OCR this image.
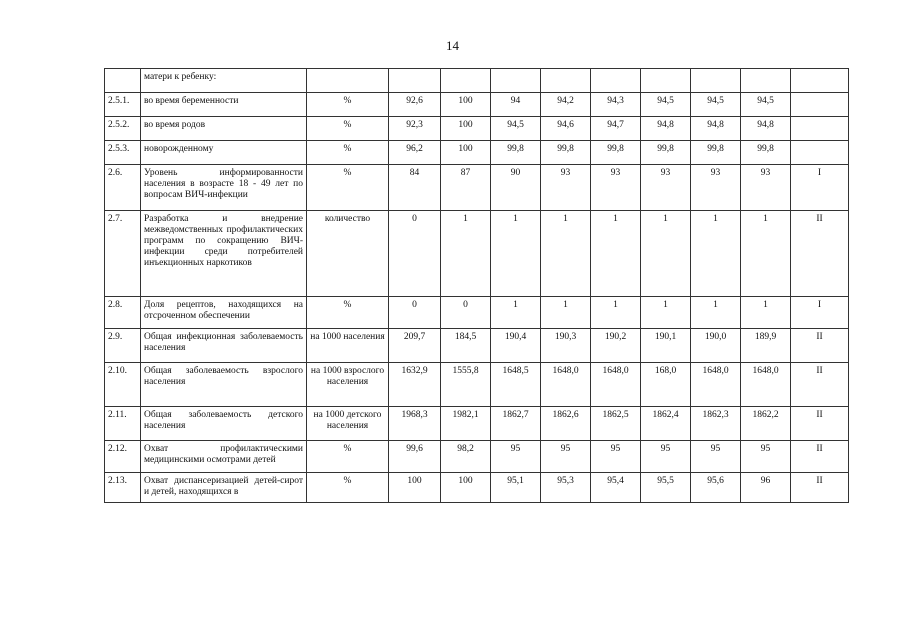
14
	матери к ребенку:										
2.5.1.	во время беременности	%	92,6	100	94	94,2	94,3	94,5	94,5	94,5	
2.5.2.	во время родов	%	92,3	100	94,5	94,6	94,7	94,8	94,8	94,8	
2.5.3.	новорожденному	%	96,2	100	99,8	99,8	99,8	99,8	99,8	99,8	
2.6.	Уровень информированности населения в возрасте 18 - 49 лет по вопросам ВИЧ-инфекции	%	84	87	90	93	93	93	93	93	I
2.7.	Разработка и внедрение межведомственных профилактических программ по сокращению ВИЧ-инфекции среди потребителей инъекционных наркотиков	количество	0	1	1	1	1	1	1	1	II
2.8.	Доля рецептов, находящихся на отсроченном обеспечении	%	0	0	1	1	1	1	1	1	I
2.9.	Общая инфекционная заболеваемость населения	на 1000 населения	209,7	184,5	190,4	190,3	190,2	190,1	190,0	189,9	II
2.10.	Общая заболеваемость взрослого населения	на 1000 взрослого населения	1632,9	1555,8	1648,5	1648,0	1648,0	168,0	1648,0	1648,0	II
2.11.	Общая заболеваемость детского населения	на 1000 детского населения	1968,3	1982,1	1862,7	1862,6	1862,5	1862,4	1862,3	1862,2	II
2.12.	Охват профилактическими медицинскими осмотрами детей	%	99,6	98,2	95	95	95	95	95	95	II
2.13.	Охват диспансеризацией детей-сирот и детей, находящихся в	%	100	100	95,1	95,3	95,4	95,5	95,6	96	II
